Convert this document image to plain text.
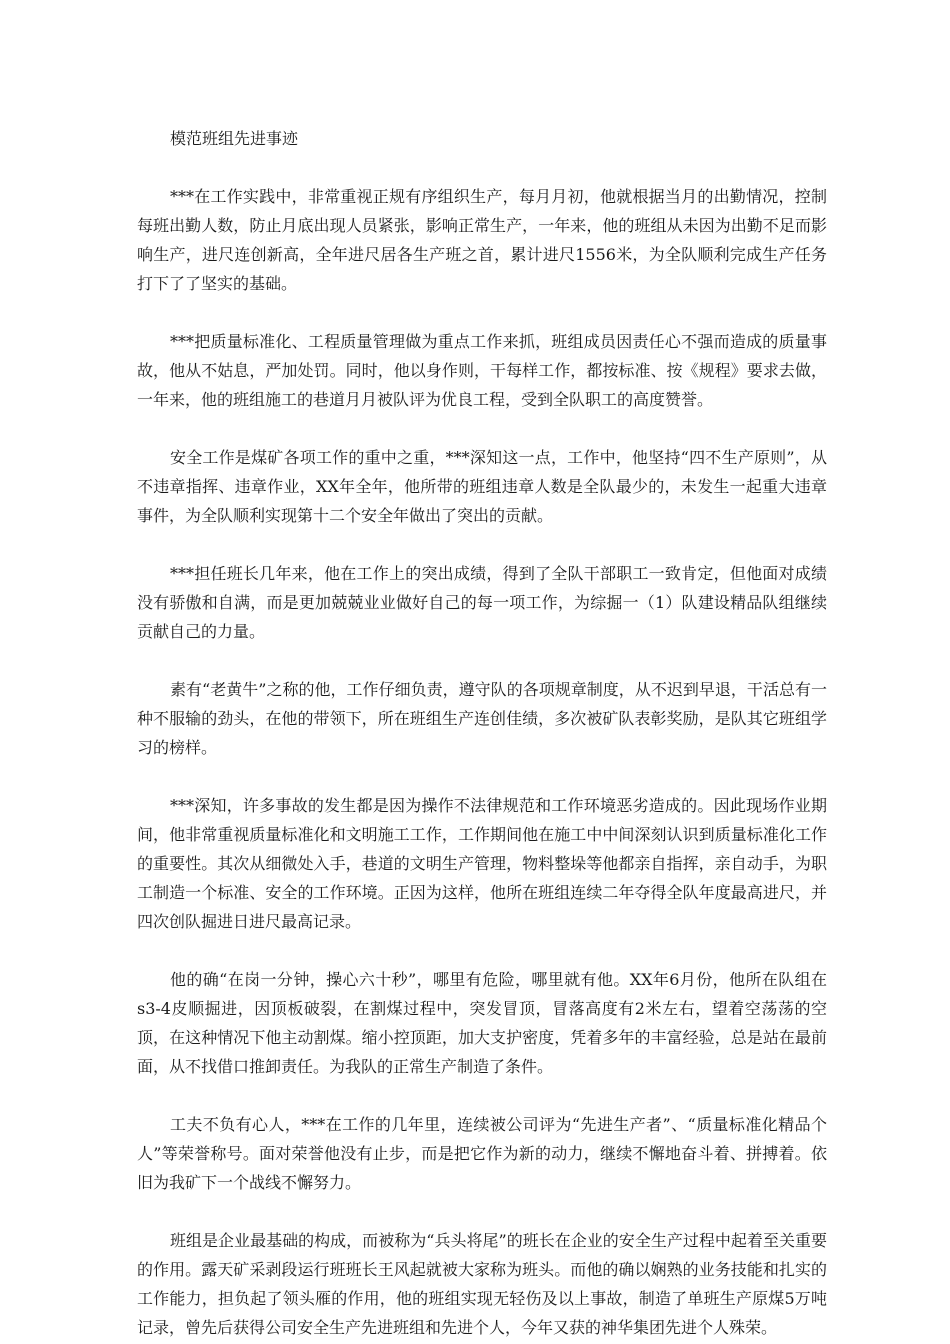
模范班组先进事迹

***在工作实践中，非常重视正规有序组织生产，每月月初，他就根据当月的出勤情况，控制每班出勤人数，防止月底出现人员紧张，影响正常生产，一年来，他的班组从未因为出勤不足而影响生产，进尺连创新高，全年进尺居各生产班之首，累计进尺1556米，为全队顺利完成生产任务打下了了坚实的基础。

***把质量标准化、工程质量管理做为重点工作来抓，班组成员因责任心不强而造成的质量事故，他从不姑息，严加处罚。同时，他以身作则，干每样工作，都按标准、按《规程》要求去做，一年来，他的班组施工的巷道月月被队评为优良工程，受到全队职工的高度赞誉。

安全工作是煤矿各项工作的重中之重，***深知这一点，工作中，他坚持“四不生产原则”，从不违章指挥、违章作业，XX年全年，他所带的班组违章人数是全队最少的，未发生一起重大违章事件，为全队顺利实现第十二个安全年做出了突出的贡献。

***担任班长几年来，他在工作上的突出成绩，得到了全队干部职工一致肯定，但他面对成绩没有骄傲和自满，而是更加兢兢业业做好自己的每一项工作，为综掘一（1）队建设精品队组继续贡献自己的力量。

素有“老黄牛”之称的他，工作仔细负责，遵守队的各项规章制度，从不迟到早退，干活总有一种不服输的劲头，在他的带领下，所在班组生产连创佳绩，多次被矿队表彰奖励，是队其它班组学习的榜样。

***深知，许多事故的发生都是因为操作不法律规范和工作环境恶劣造成的。因此现场作业期间，他非常重视质量标准化和文明施工工作，工作期间他在施工中中间深刻认识到质量标准化工作的重要性。其次从细微处入手，巷道的文明生产管理，物料整垛等他都亲自指挥，亲自动手，为职工制造一个标准、安全的工作环境。正因为这样，他所在班组连续二年夺得全队年度最高进尺，并四次创队掘进日进尺最高记录。

他的确“在岗一分钟，操心六十秒”，哪里有危险，哪里就有他。XX年6月份，他所在队组在s3-4皮顺掘进，因顶板破裂，在割煤过程中，突发冒顶，冒落高度有2米左右，望着空荡荡的空顶，在这种情况下他主动割煤。缩小控顶距，加大支护密度，凭着多年的丰富经验，总是站在最前面，从不找借口推卸责任。为我队的正常生产制造了条件。

工夫不负有心人，***在工作的几年里，连续被公司评为“先进生产者”、“质量标准化精品个人”等荣誉称号。面对荣誉他没有止步，而是把它作为新的动力，继续不懈地奋斗着、拼搏着。依旧为我矿下一个战线不懈努力。

班组是企业最基础的构成，而被称为“兵头将尾”的班长在企业的安全生产过程中起着至关重要的作用。露天矿采剥段运行班班长王风起就被大家称为班头。而他的确以娴熟的业务技能和扎实的工作能力，担负起了领头雁的作用，他的班组实现无轻伤及以上事故，制造了单班生产原煤5万吨记录，曾先后获得公司安全生产先进班组和先进个人，今年又获的神华集团先进个人殊荣。
